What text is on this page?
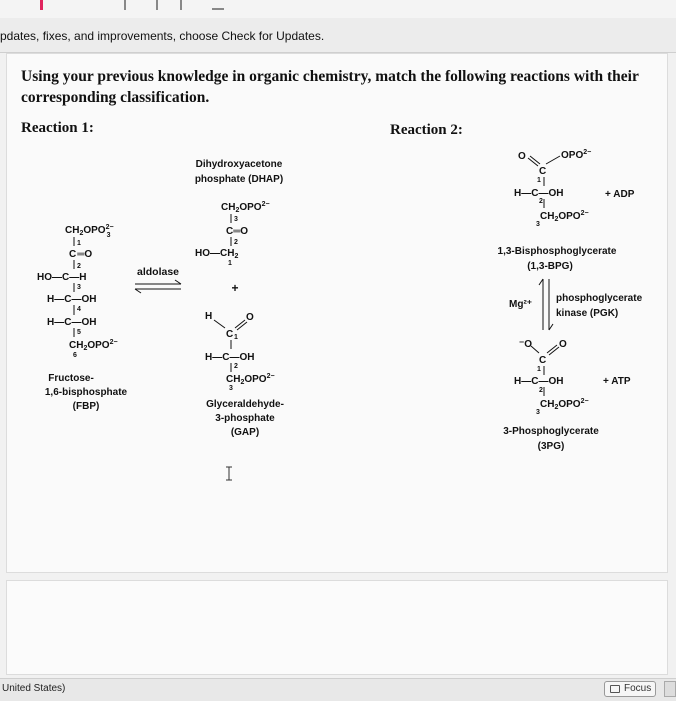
pdates, fixes, and improvements, choose Check for Updates.
Using your previous knowledge in organic chemistry, match the following reactions with their corresponding classification.
Reaction 1:	Reaction 2:
$CH_2OPO^{2-}$ 3
1
C═O
2
HO—C—H
3
H—C—OH
4
H—C—OH
5
$CH_2OPO^{2-}$
6
Fructose-
1,6-bisphosphate
(FBP)
aldolase
Dihydroxyacetone
phosphate (DHAP)
$CH_2OPO^{2-}$
3
C═O
2
$HO—CH_2$
1
+
H	O
C 1
H—C—OH
2
$CH_2OPO^{2-}$
3
Glyceraldehyde-
3-phosphate
(GAP)
O	$OPO^{2-}$
C
1
H—C—OH
2
$CH_2OPO^{2-}$
3
+ ADP
1,3-Bisphosphoglycerate
(1,3-BPG)
Mg²⁺
phosphoglycerate
kinase (PGK)
⁻O	O
C
1
H—C—OH
2
$CH_2OPO^{2-}$
3
+ ATP
3-Phosphoglycerate
(3PG)
United States)	Focus
